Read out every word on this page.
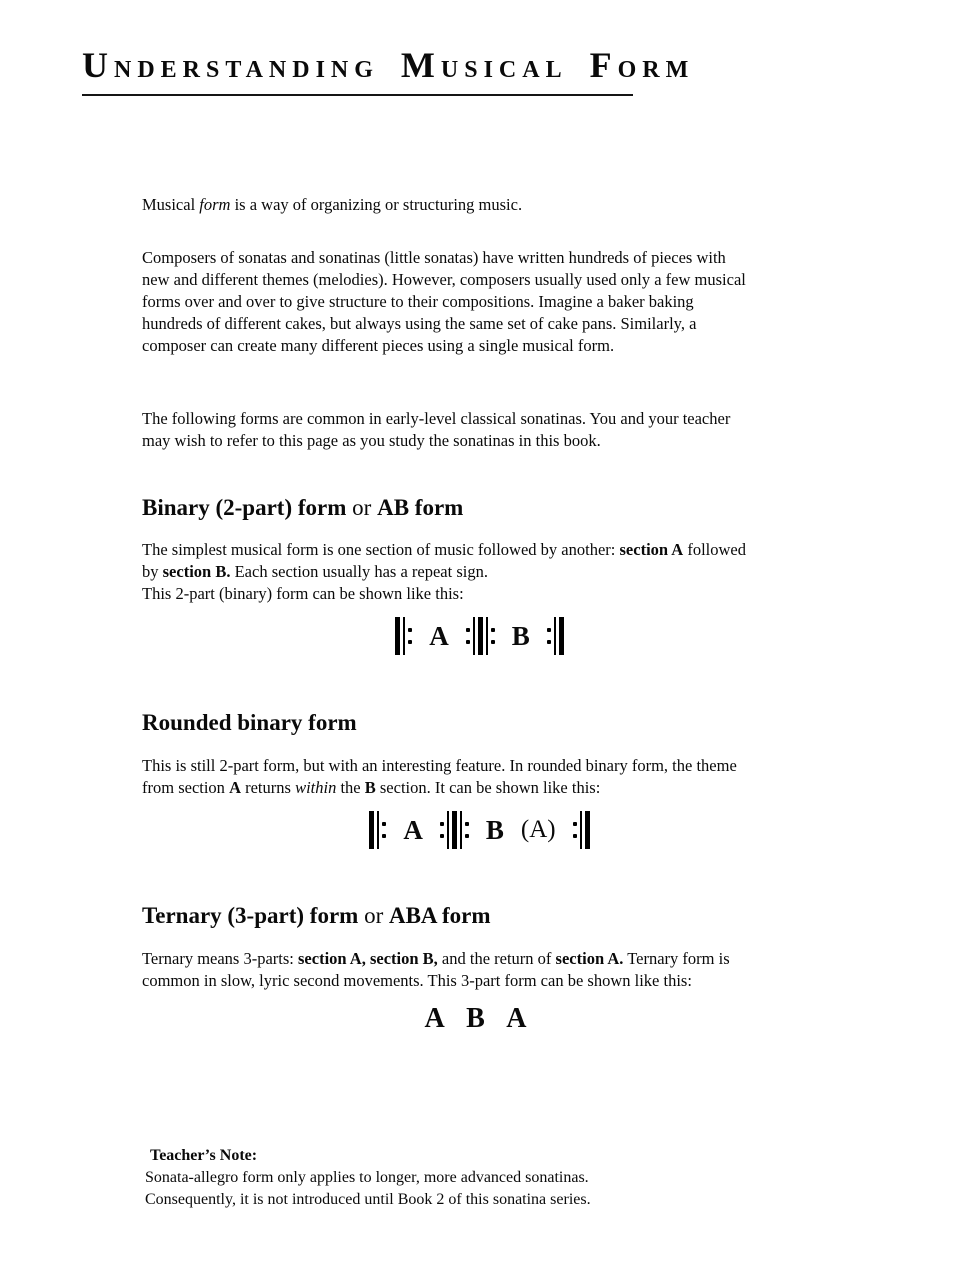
UNDERSTANDING MUSICAL FORM

Musical form is a way of organizing or structuring music.

Composers of sonatas and sonatinas (little sonatas) have written hundreds of pieces with
new and different themes (melodies). However, composers usually used only a few musical
forms over and over to give structure to their compositions. Imagine a baker baking
hundreds of different cakes, but always using the same set of cake pans. Similarly, a
composer can create many different pieces using a single musical form.

The following forms are common in early-level classical sonatinas. You and your teacher
may wish to refer to this page as you study the sonatinas in this book.

Binary (2-part) form or AB form

The simplest musical form is one section of music followed by another: section A followed
by section B. Each section usually has a repeat sign.
This 2-part (binary) form can be shown like this:

A B
Rounded binary form

This is still 2-part form, but with an interesting feature. In rounded binary form, the theme
from section A returns within the B section. It can be shown like this:

A B (A)
Ternary (3-part) form or ABA form

Ternary means 3-parts: section A, section B, and the return of section A. Ternary form is
common in slow, lyric second movements. This 3-part form can be shown like this:

A B A

Teacher’s Note:

Sonata-allegro form only applies to longer, more advanced sonatinas.
Consequently, it is not introduced until Book 2 of this sonatina series.
